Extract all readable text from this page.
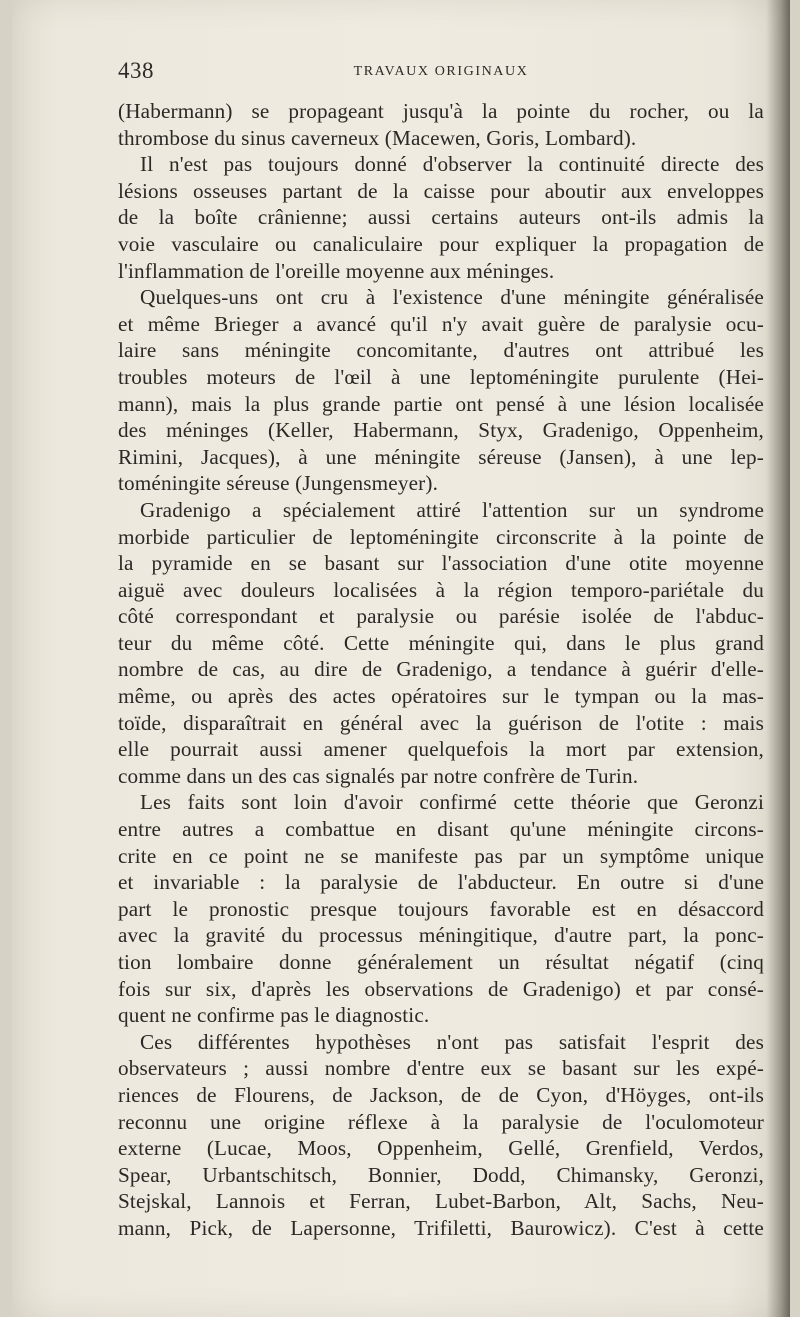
438	TRAVAUX ORIGINAUX
(Habermann) se propageant jusqu'à la pointe du rocher, ou la
thrombose du sinus caverneux (Macewen, Goris, Lombard).
Il n'est pas toujours donné d'observer la continuité directe des
lésions osseuses partant de la caisse pour aboutir aux enveloppes
de la boîte crânienne; aussi certains auteurs ont-ils admis la
voie vasculaire ou canaliculaire pour expliquer la propagation de
l'inflammation de l'oreille moyenne aux méninges.
Quelques-uns ont cru à l'existence d'une méningite généralisée
et même Brieger a avancé qu'il n'y avait guère de paralysie ocu-
laire sans méningite concomitante, d'autres ont attribué les
troubles moteurs de l'œil à une leptoméningite purulente (Hei-
mann), mais la plus grande partie ont pensé à une lésion localisée
des méninges (Keller, Habermann, Styx, Gradenigo, Oppenheim,
Rimini, Jacques), à une méningite séreuse (Jansen), à une lep-
toméningite séreuse (Jungensmeyer).
Gradenigo a spécialement attiré l'attention sur un syndrome
morbide particulier de leptoméningite circonscrite à la pointe de
la pyramide en se basant sur l'association d'une otite moyenne
aiguë avec douleurs localisées à la région temporo-pariétale du
côté correspondant et paralysie ou parésie isolée de l'abduc-
teur du même côté. Cette méningite qui, dans le plus grand
nombre de cas, au dire de Gradenigo, a tendance à guérir d'elle-
même, ou après des actes opératoires sur le tympan ou la mas-
toïde, disparaîtrait en général avec la guérison de l'otite : mais
elle pourrait aussi amener quelquefois la mort par extension,
comme dans un des cas signalés par notre confrère de Turin.
Les faits sont loin d'avoir confirmé cette théorie que Geronzi
entre autres a combattue en disant qu'une méningite circons-
crite en ce point ne se manifeste pas par un symptôme unique
et invariable : la paralysie de l'abducteur. En outre si d'une
part le pronostic presque toujours favorable est en désaccord
avec la gravité du processus méningitique, d'autre part, la ponc-
tion lombaire donne généralement un résultat négatif (cinq
fois sur six, d'après les observations de Gradenigo) et par consé-
quent ne confirme pas le diagnostic.
Ces différentes hypothèses n'ont pas satisfait l'esprit des
observateurs ; aussi nombre d'entre eux se basant sur les expé-
riences de Flourens, de Jackson, de de Cyon, d'Höyges, ont-ils
reconnu une origine réflexe à la paralysie de l'oculomoteur
externe (Lucae, Moos, Oppenheim, Gellé, Grenfield, Verdos,
Spear, Urbantschitsch, Bonnier, Dodd, Chimansky, Geronzi,
Stejskal, Lannois et Ferran, Lubet-Barbon, Alt, Sachs, Neu-
mann, Pick, de Lapersonne, Trifiletti, Baurowicz). C'est à cette
